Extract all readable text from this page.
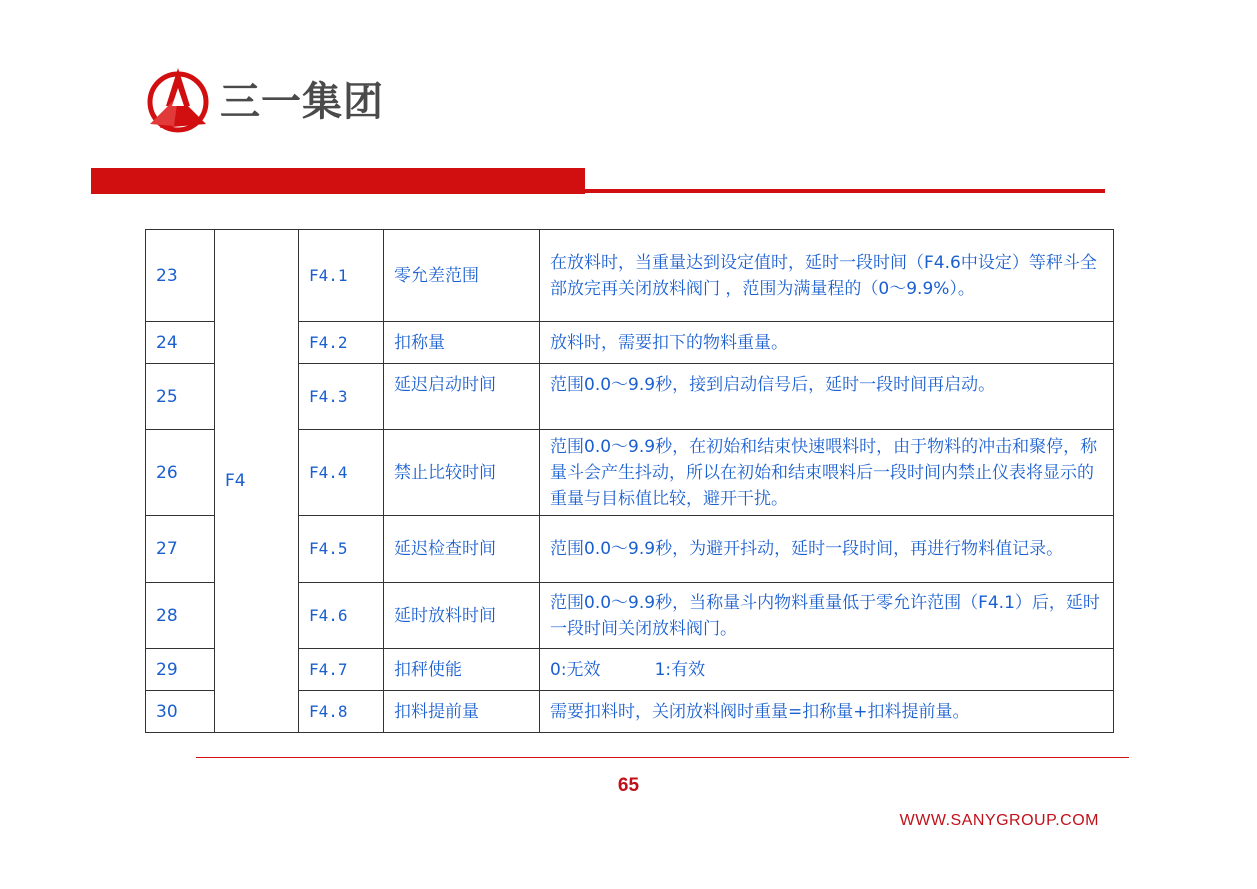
三一集团
23	F4	F4.1	零允差范围	在放料时，当重量达到设定值时，延时一段时间（F4.6中设定）等秤斗全部放完再关闭放料阀门 ，范围为满量程的（0～9.9%）。
24		F4.2	扣称量	放料时，需要扣下的物料重量。
25		F4.3	延迟启动时间	范围0.0～9.9秒，接到启动信号后，延时一段时间再启动。
26		F4.4	禁止比较时间	范围0.0～9.9秒，在初始和结束快速喂料时，由于物料的冲击和聚停，称量斗会产生抖动，所以在初始和结束喂料后一段时间内禁止仪表将显示的重量与目标值比较，避开干扰。
27		F4.5	延迟检查时间	范围0.0～9.9秒，为避开抖动，延时一段时间，再进行物料值记录。
28		F4.6	延时放料时间	范围0.0～9.9秒，当称量斗内物料重量低于零允许范围（F4.1）后，延时一段时间关闭放料阀门。
29		F4.7	扣秤使能	0:无效          1:有效
30		F4.8	扣料提前量	需要扣料时，关闭放料阀时重量=扣称量+扣料提前量。
65
WWW.SANYGROUP.COM
